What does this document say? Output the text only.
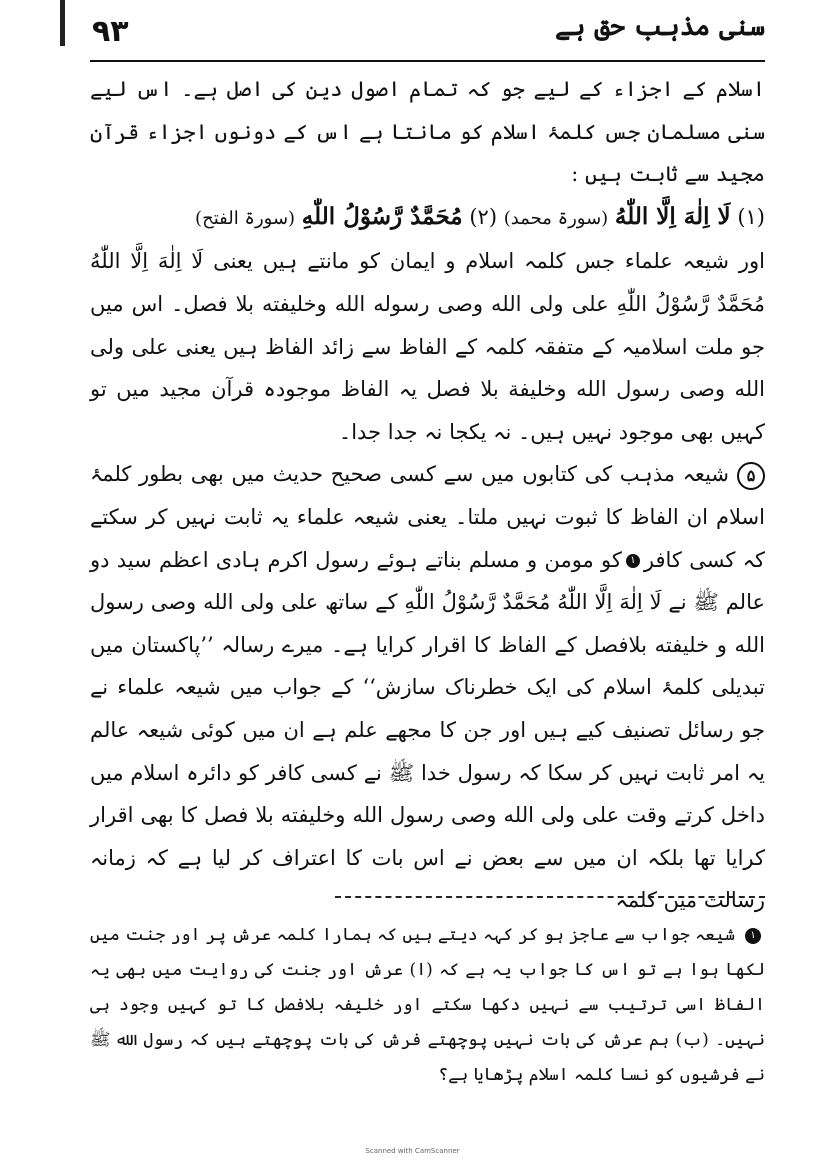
۹۳	سنی مذہب حق ہے

اسلام کے اجزاء کے لیے جو کہ تمام اصول دین کی اصل ہے۔ اس لیے سنی مسلمان جس کلمۂ اسلام کو مانتا ہے اس کے دونوں اجزاء قرآن مجید سے ثابت ہیں :

(۱) لَا اِلٰهَ اِلَّا اللّٰهُ (سورۃ محمد) (۲) مُحَمَّدٌ رَّسُوْلُ اللّٰهِ (سورۃ الفتح)

اور شیعہ علماء جس کلمہ اسلام و ایمان کو مانتے ہیں یعنی لَا اِلٰهَ اِلَّا اللّٰهُ مُحَمَّدٌ رَّسُوْلُ اللّٰهِ علی ولی الله وصی رسوله الله وخليفته بلا فصل۔ اس میں جو ملت اسلامیہ کے متفقہ کلمہ کے الفاظ سے زائد الفاظ ہیں یعنی علی ولی الله وصی رسول الله وخليفة بلا فصل یہ الفاظ موجودہ قرآن مجید میں تو کہیں بھی موجود نہیں ہیں۔ نہ یکجا نہ جدا جدا۔

۵شیعہ مذہب کی کتابوں میں سے کسی صحیح حدیث میں بھی بطور کلمۂ اسلام ان الفاظ کا ثبوت نہیں ملتا۔ یعنی شیعہ علماء یہ ثابت نہیں کر سکتے کہ کسی کافر۱کو مومن و مسلم بناتے ہوئے رسول اکرم ہادی اعظم سید دو عالم ﷺ نے لَا اِلٰهَ اِلَّا اللّٰهُ مُحَمَّدٌ رَّسُوْلُ اللّٰهِ کے ساتھ علی ولی الله وصی رسول الله و خليفته بلافصل کے الفاظ کا اقرار کرایا ہے۔ میرے رسالہ ’’پاکستان میں تبدیلی کلمۂ اسلام کی ایک خطرناک سازش‘‘ کے جواب میں شیعہ علماء نے جو رسائل تصنیف کیے ہیں اور جن کا مجھے علم ہے ان میں کوئی شیعہ عالم یہ امر ثابت نہیں کر سکا کہ رسول خدا ﷺ نے کسی کافر کو دائرہ اسلام میں داخل کرتے وقت علی ولی الله وصی رسول الله وخليفته بلا فصل کا بھی اقرار کرایا تھا بلکہ ان میں سے بعض نے اس بات کا اعتراف کر لیا ہے کہ زمانہ رسالت میں کلمہ

۱شیعہ جواب سے عاجز ہو کر کہہ دیتے ہیں کہ ہمارا کلمہ عرش پر اور جنت میں لکھا ہوا ہے تو اس کا جواب یہ ہے کہ (ا) عرش اور جنت کی روایت میں بھی یہ الفاظ اسی ترتیب سے نہیں دکھا سکتے اور خلیفہ بلافصل کا تو کہیں وجود ہی نہیں۔ (ب) ہم عرش کی بات نہیں پوچھتے فرش کی بات پوچھتے ہیں کہ رسول الله ﷺ نے فرشیوں کو نسا کلمہ اسلام پڑھایا ہے؟
Scanned with CamScanner
